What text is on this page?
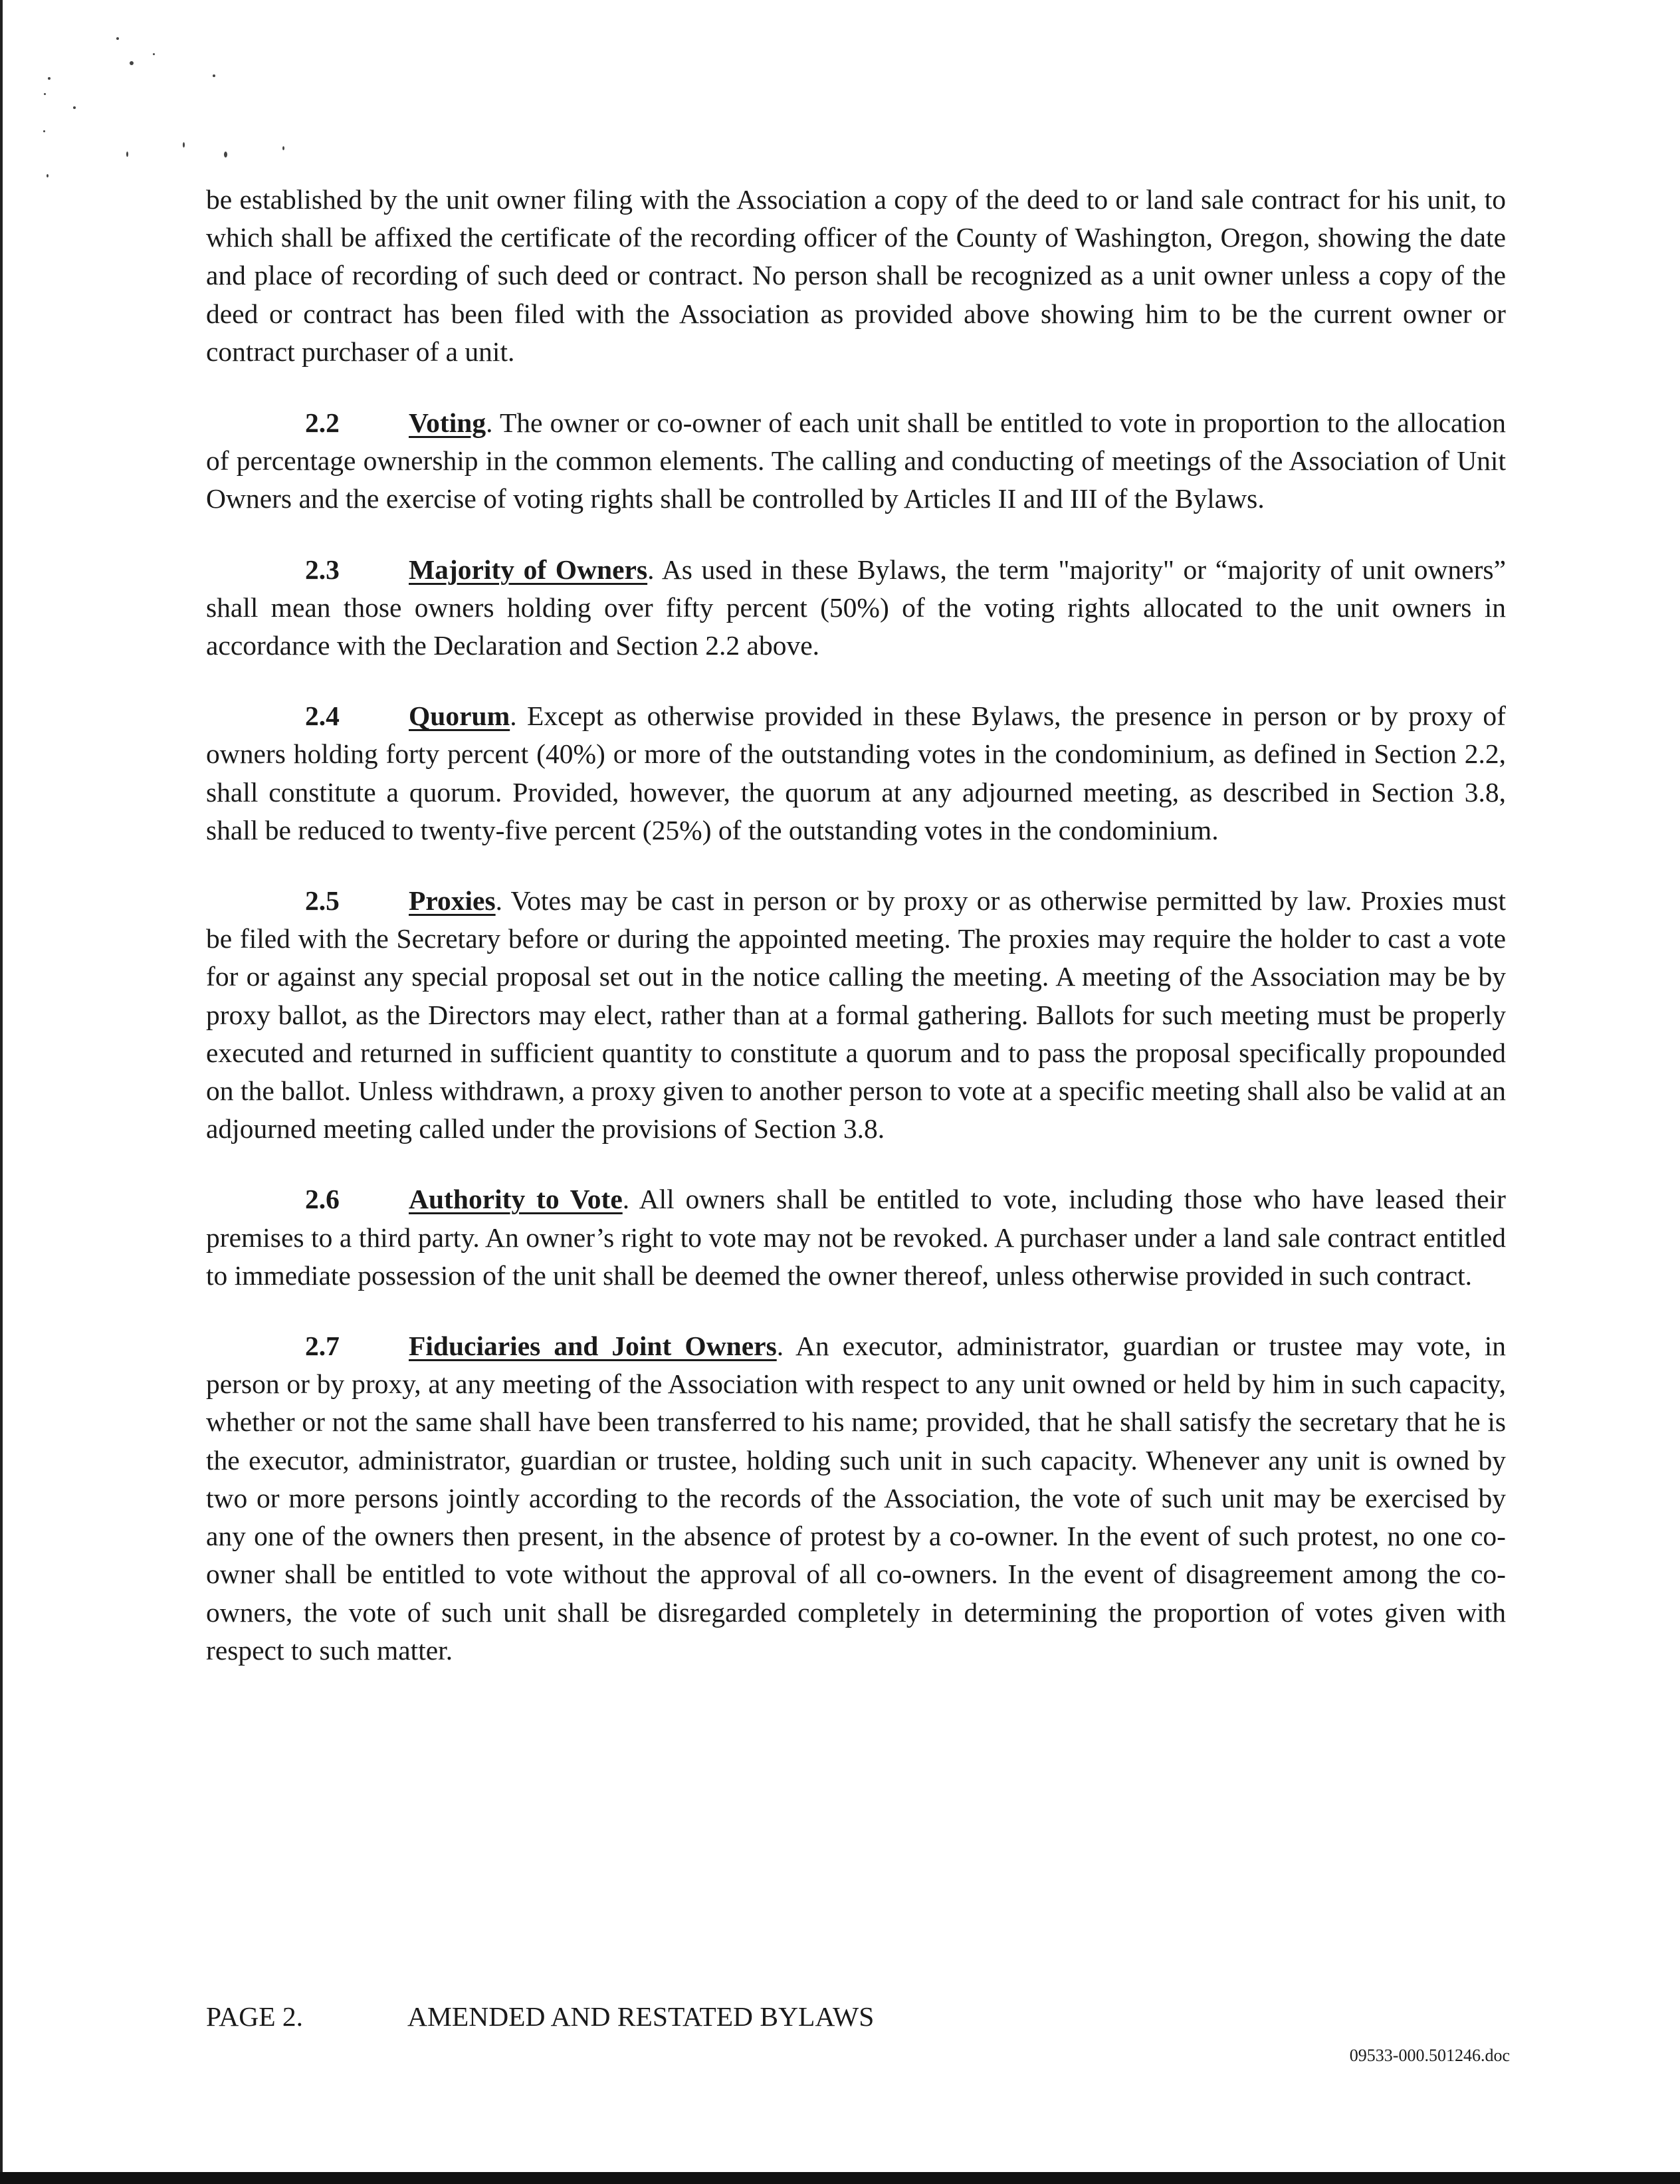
be established by the unit owner filing with the Association a copy of the deed to or land sale contract for his unit, to which shall be affixed the certificate of the recording officer of the County of Washington, Oregon, showing the date and place of recording of such deed or contract. No person shall be recognized as a unit owner unless a copy of the deed or contract has been filed with the Association as provided above showing him to be the current owner or contract purchaser of a unit.

2.2	Voting. The owner or co-owner of each unit shall be entitled to vote in proportion to the allocation of percentage ownership in the common elements. The calling and conducting of meetings of the Association of Unit Owners and the exercise of voting rights shall be controlled by Articles II and III of the Bylaws.

2.3	Majority of Owners. As used in these Bylaws, the term "majority" or “majority of unit owners” shall mean those owners holding over fifty percent (50%) of the voting rights allocated to the unit owners in accordance with the Declaration and Section 2.2 above.

2.4	Quorum. Except as otherwise provided in these Bylaws, the presence in person or by proxy of owners holding forty percent (40%) or more of the outstanding votes in the condominium, as defined in Section 2.2, shall constitute a quorum. Provided, however, the quorum at any adjourned meeting, as described in Section 3.8, shall be reduced to twenty-five percent (25%) of the outstanding votes in the condominium.

2.5	Proxies. Votes may be cast in person or by proxy or as otherwise permitted by law. Proxies must be filed with the Secretary before or during the appointed meeting. The proxies may require the holder to cast a vote for or against any special proposal set out in the notice calling the meeting. A meeting of the Association may be by proxy ballot, as the Directors may elect, rather than at a formal gathering. Ballots for such meeting must be properly executed and returned in sufficient quantity to constitute a quorum and to pass the proposal specifically propounded on the ballot. Unless withdrawn, a proxy given to another person to vote at a specific meeting shall also be valid at an adjourned meeting called under the provisions of Section 3.8.

2.6	Authority to Vote. All owners shall be entitled to vote, including those who have leased their premises to a third party. An owner’s right to vote may not be revoked. A purchaser under a land sale contract entitled to immediate possession of the unit shall be deemed the owner thereof, unless otherwise provided in such contract.

2.7	Fiduciaries and Joint Owners. An executor, administrator, guardian or trustee may vote, in person or by proxy, at any meeting of the Association with respect to any unit owned or held by him in such capacity, whether or not the same shall have been transferred to his name; provided, that he shall satisfy the secretary that he is the executor, administrator, guardian or trustee, holding such unit in such capacity. Whenever any unit is owned by two or more persons jointly according to the records of the Association, the vote of such unit may be exercised by any one of the owners then present, in the absence of protest by a co-owner. In the event of such protest, no one co-owner shall be entitled to vote without the approval of all co-owners. In the event of disagreement among the co-owners, the vote of such unit shall be disregarded completely in determining the proportion of votes given with respect to such matter.

PAGE 2.	AMENDED AND RESTATED BYLAWS
09533-000.501246.doc
